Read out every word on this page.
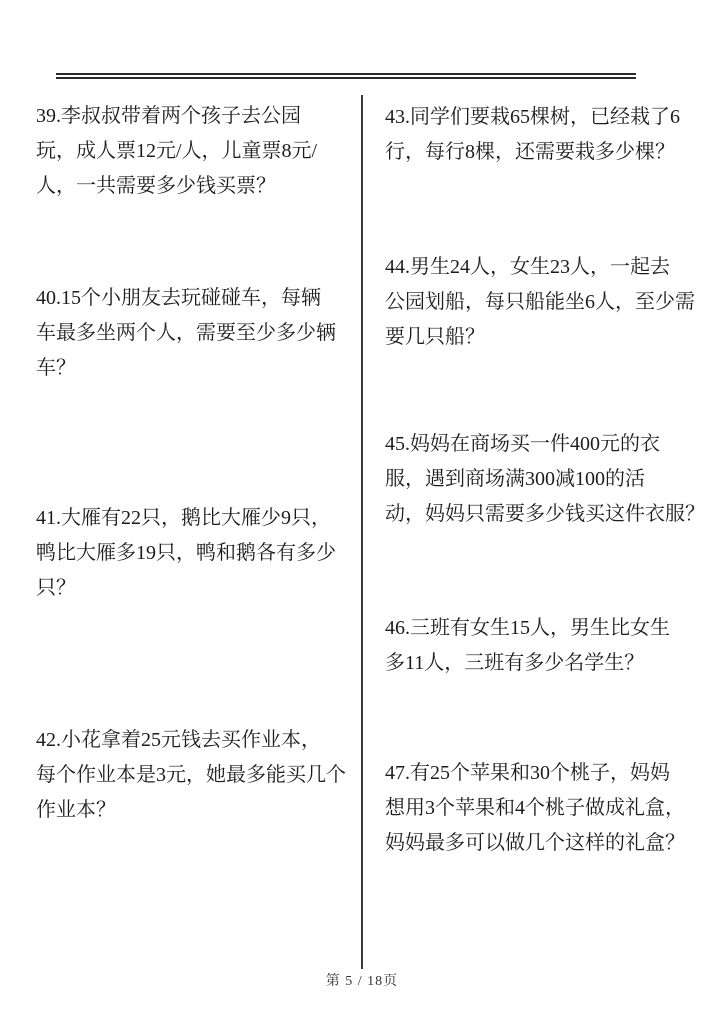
39.李叔叔带着两个孩子去公园
玩，成人票12元/人，儿童票8元/
人，一共需要多少钱买票？
40.15个小朋友去玩碰碰车，每辆
车最多坐两个人，需要至少多少辆
车？
41.大雁有22只，鹅比大雁少9只，
鸭比大雁多19只，鸭和鹅各有多少
只？
42.小花拿着25元钱去买作业本，
每个作业本是3元，她最多能买几个
作业本？
43.同学们要栽65棵树，已经栽了6
行，每行8棵，还需要栽多少棵？
44.男生24人，女生23人，一起去
公园划船，每只船能坐6人，至少需
要几只船？
45.妈妈在商场买一件400元的衣
服，遇到商场满300减100的活
动，妈妈只需要多少钱买这件衣服？
46.三班有女生15人，男生比女生
多11人，三班有多少名学生？
47.有25个苹果和30个桃子，妈妈
想用3个苹果和4个桃子做成礼盒，
妈妈最多可以做几个这样的礼盒？
第 5 / 18页
